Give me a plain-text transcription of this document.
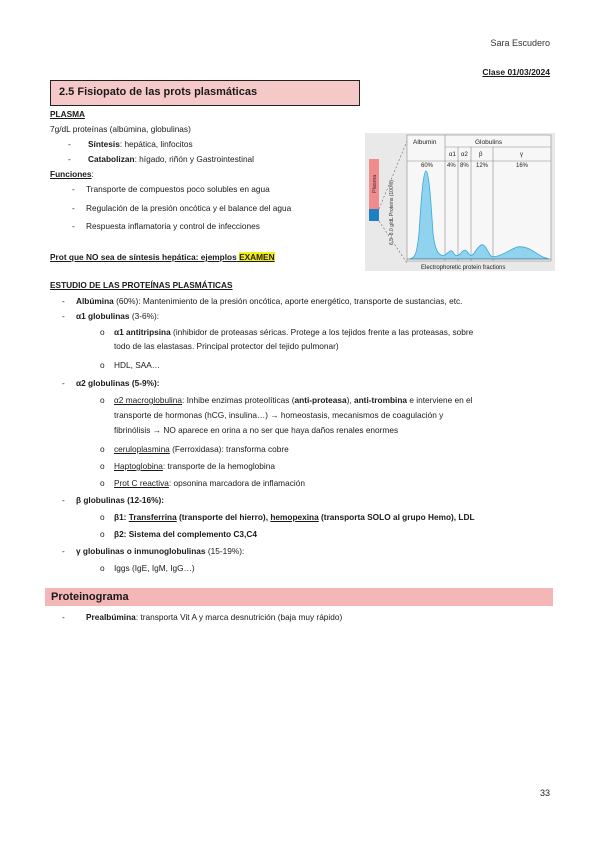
Sara Escudero
Clase 01/03/2024
2.5 Fisiopato de las prots plasmáticas
PLASMA
7g/dL proteínas (albúmina, globulinas)
- Síntesis: hepática, linfocitos
- Catabolizan: hígado, riñón y Gastrointestinal
Funciones:
- Transporte de compuestos poco solubles en agua
- Regulación de la presión oncótica y el balance del agua
- Respuesta inflamatoria y control de infecciones
Prot que NO sea de síntesis hepática: ejemplos EXAMEN
Plasma 6.5–8.0 g/dL Proteins (100%)
Albumin	Globulins
α1 α2 β	γ
60% 4% 8% 12%	16%
Electrophoretic protein fractions
ESTUDIO DE LAS PROTEÍNAS PLASMÁTICAS
- Albúmina (60%): Mantenimiento de la presión oncótica, aporte energético, transporte de sustancias, etc.
- α1 globulinas (3-6%):
o α1 antitripsina (inhibidor de proteasas séricas. Protege a los tejidos frente a las proteasas, sobre
todo de las elastasas. Principal protector del tejido pulmonar)
o HDL, SAA…
- α2 globulinas (5-9%):
o α2 macroglobulina: Inhibe enzimas proteolíticas (anti-proteasa), anti-trombina e interviene en el
transporte de hormonas (hCG, insulina…) → homeostasis, mecanismos de coagulación y
fibrinólisis → NO aparece en orina a no ser que haya daños renales enormes
o ceruloplasmina (Ferroxidasa): transforma cobre
o Haptoglobina: transporte de la hemoglobina
o Prot C reactiva: opsonina marcadora de inflamación
- β globulinas (12-16%):
o β1: Transferrina (transporte del hierro), hemopexina (transporta SOLO al grupo Hemo), LDL
o β2: Sistema del complemento C3,C4
- γ globulinas o inmunoglobulinas (15-19%):
o Iggs (IgE, IgM, IgG…)
Proteinograma
-	Prealbúmina: transporta Vit A y marca desnutrición (baja muy rápido)
33
